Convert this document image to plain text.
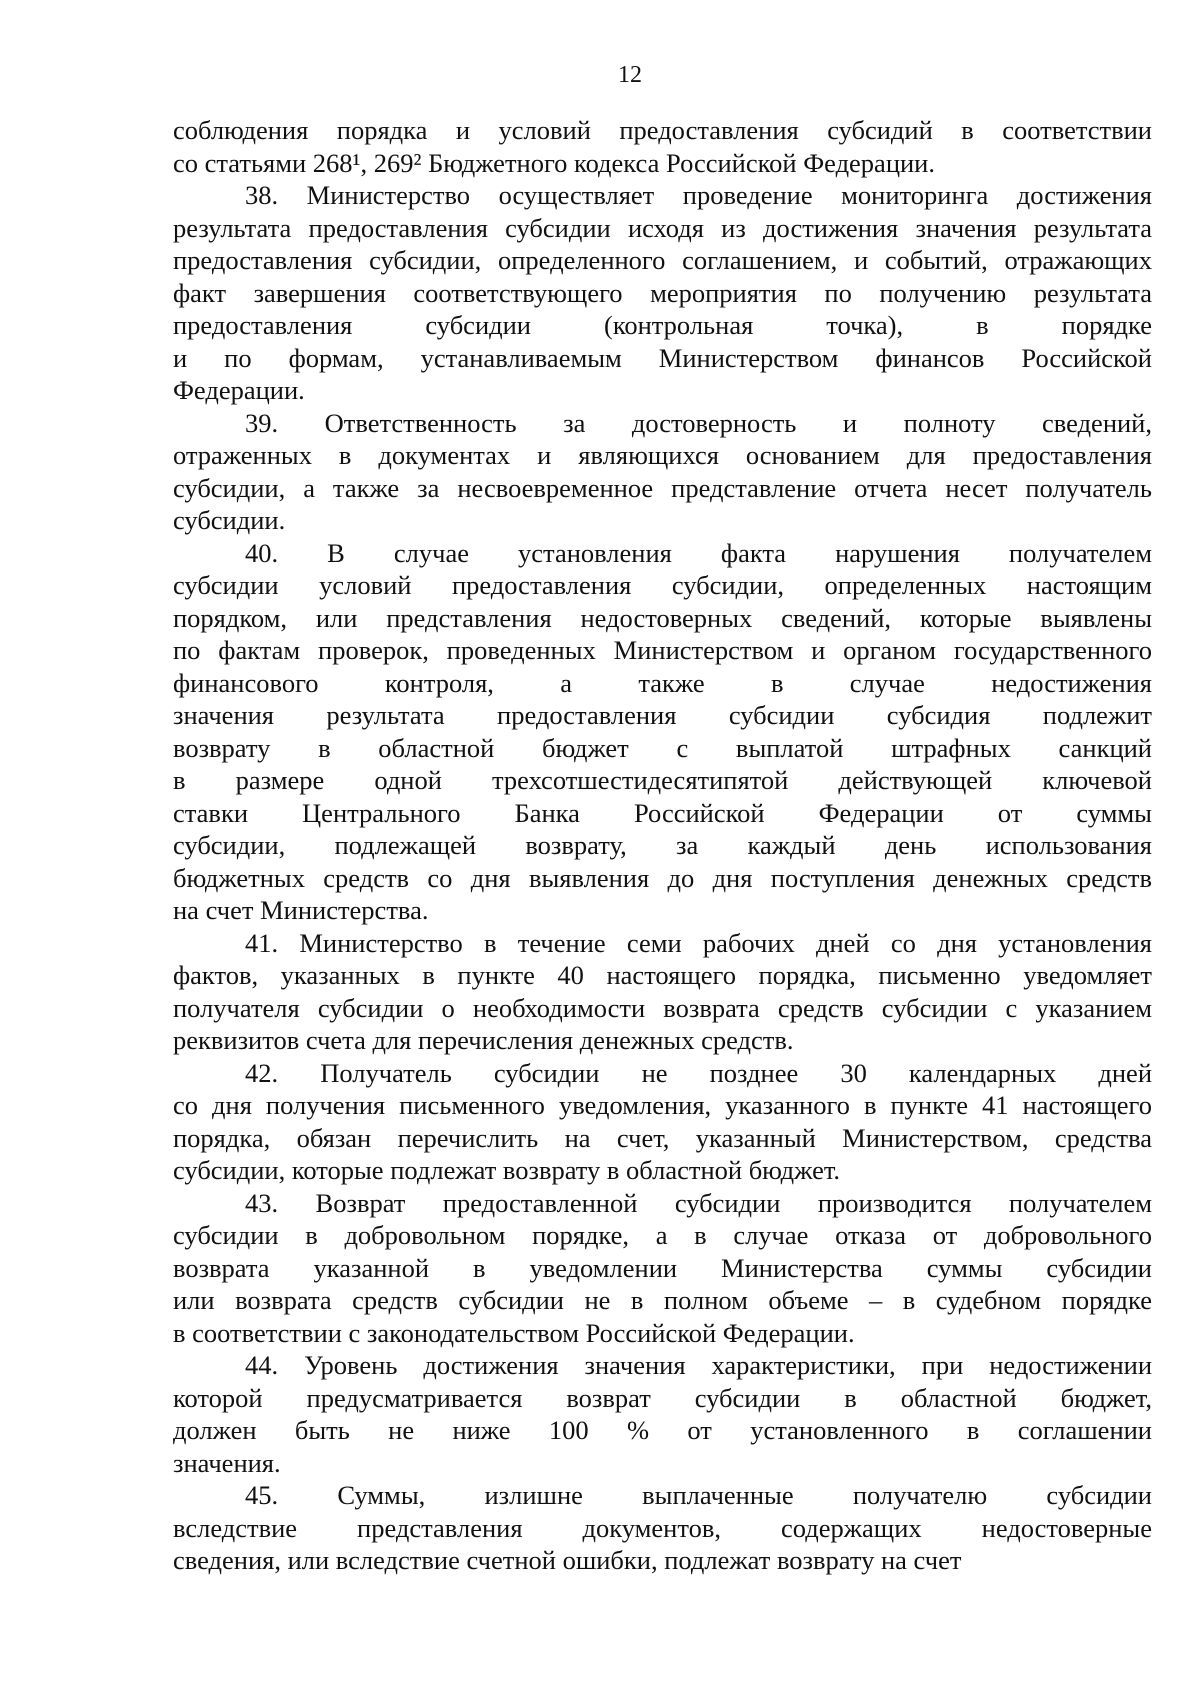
12
соблюдения порядка и условий предоставления субсидий в соответствии
со статьями 268¹, 269² Бюджетного кодекса Российской Федерации.
38. Министерство осуществляет проведение мониторинга достижения
результата предоставления субсидии исходя из достижения значения результата
предоставления субсидии, определенного соглашением, и событий, отражающих
факт завершения соответствующего мероприятия по получению результата
предоставления субсидии (контрольная точка), в порядке
и по формам, устанавливаемым Министерством финансов Российской
Федерации.
39. Ответственность за достоверность и полноту сведений,
отраженных в документах и являющихся основанием для предоставления
субсидии, а также за несвоевременное представление отчета несет получатель
субсидии.
40. В случае установления факта нарушения получателем
субсидии условий предоставления субсидии, определенных настоящим
порядком, или представления недостоверных сведений, которые выявлены
по фактам проверок, проведенных Министерством и органом государственного
финансового контроля, а также в случае недостижения
значения результата предоставления субсидии субсидия подлежит
возврату в областной бюджет с выплатой штрафных санкций
в размере одной трехсотшестидесятипятой действующей ключевой
ставки Центрального Банка Российской Федерации от суммы
субсидии, подлежащей возврату, за каждый день использования
бюджетных средств со дня выявления до дня поступления денежных средств
на счет Министерства.
41. Министерство в течение семи рабочих дней со дня установления
фактов, указанных в пункте 40 настоящего порядка, письменно уведомляет
получателя субсидии о необходимости возврата средств субсидии с указанием
реквизитов счета для перечисления денежных средств.
42. Получатель субсидии не позднее 30 календарных дней
со дня получения письменного уведомления, указанного в пункте 41 настоящего
порядка, обязан перечислить на счет, указанный Министерством, средства
субсидии, которые подлежат возврату в областной бюджет.
43. Возврат предоставленной субсидии производится получателем
субсидии в добровольном порядке, а в случае отказа от добровольного
возврата указанной в уведомлении Министерства суммы субсидии
или возврата средств субсидии не в полном объеме – в судебном порядке
в соответствии с законодательством Российской Федерации.
44. Уровень достижения значения характеристики, при недостижении
которой предусматривается возврат субсидии в областной бюджет,
должен быть не ниже 100 % от установленного в соглашении
значения.
45. Суммы, излишне выплаченные получателю субсидии
вследствие представления документов, содержащих недостоверные
сведения, или вследствие счетной ошибки, подлежат возврату на счет
